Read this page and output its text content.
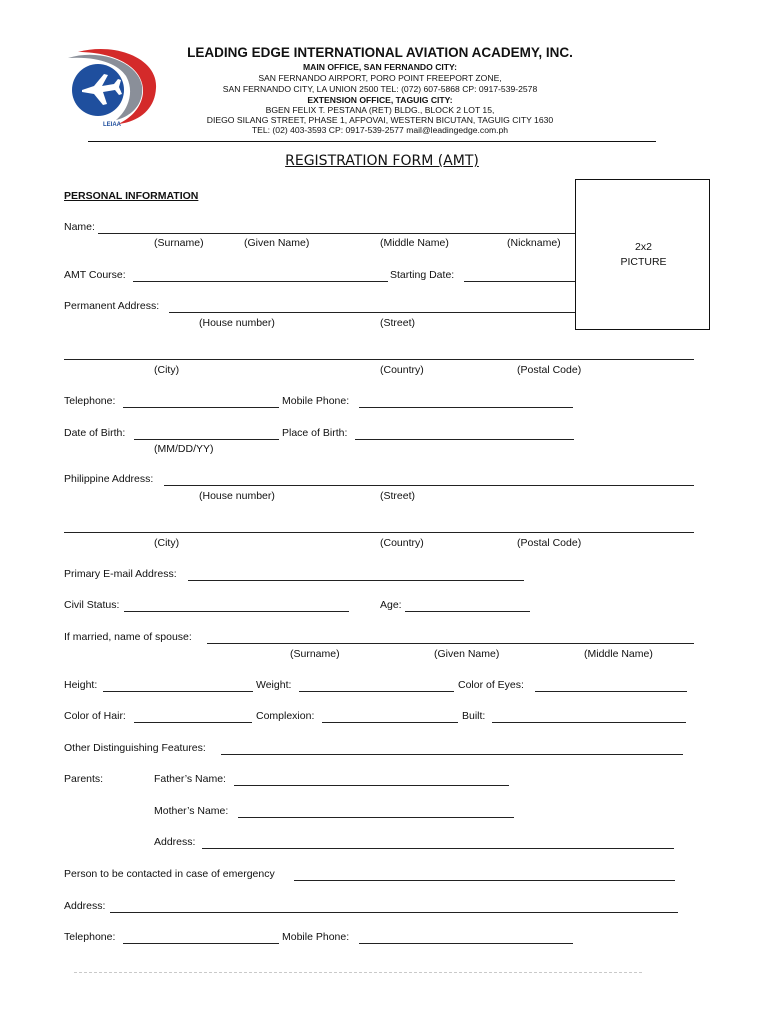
LEIAA
LEADING EDGE INTERNATIONAL AVIATION ACADEMY, INC.
MAIN OFFICE, SAN FERNANDO CITY:
SAN FERNANDO AIRPORT, PORO POINT FREEPORT ZONE,
SAN FERNANDO CITY, LA UNION 2500 TEL: (072) 607-5868 CP: 0917-539-2578
EXTENSION OFFICE, TAGUIG CITY:
BGEN FELIX T. PESTANA (RET) BLDG., BLOCK 2 LOT 15,
DIEGO SILANG STREET, PHASE 1, AFPOVAI, WESTERN BICUTAN, TAGUIG CITY 1630
TEL: (02) 403-3593 CP: 0917-539-2577 mail@leadingedge.com.ph
REGISTRATION FORM (AMT)
2x2
PICTURE
PERSONAL INFORMATION
Name:
(Surname)	(Given Name)	(Middle Name)	(Nickname)
AMT Course:	Starting Date:
Permanent Address:
(House number)	(Street)
(City)	(Country)	(Postal Code)
Telephone:	Mobile Phone:
Date of Birth:	Place of Birth:
(MM/DD/YY)
Philippine Address:
(House number)	(Street)
(City)	(Country)	(Postal Code)
Primary E-mail Address:
Civil Status:	Age:
If married, name of spouse:
(Surname)	(Given Name)	(Middle Name)
Height:	Weight:	Color of Eyes:
Color of Hair:	Complexion:	Built:
Other Distinguishing Features:
Parents:	Father’s Name:
Mother’s Name:
Address:
Person to be contacted in case of emergency
Address:
Telephone:	Mobile Phone:
